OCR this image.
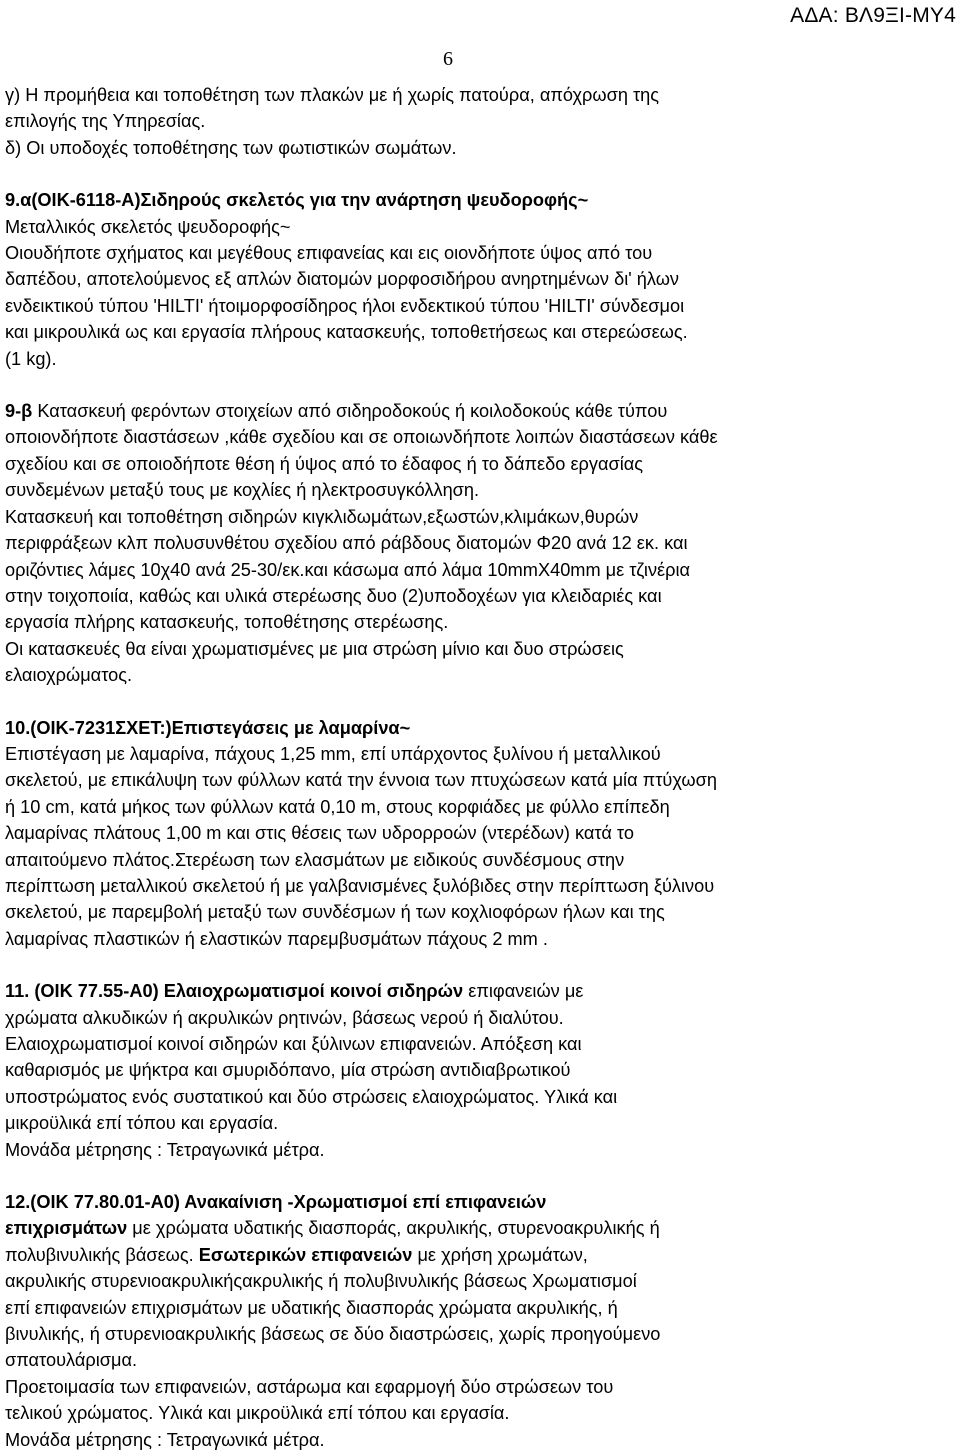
ΑΔΑ: ΒΛ9ΞΙ-ΜΥ4
6

γ) Η προμήθεια και τοποθέτηση των πλακών με ή χωρίς πατούρα, απόχρωση της

επιλογής της Υπηρεσίας.

δ) Οι υποδοχές τοποθέτησης των φωτιστικών σωμάτων.

9.α(ΟΙΚ-6118-Α)Σιδηρούς σκελετός για την ανάρτηση ψευδοροφής~

Μεταλλικός σκελετός ψευδοροφής~

Οιουδήποτε σχήματος και μεγέθους επιφανείας και εις οιονδήποτε ύψος από του

δαπέδου, αποτελούμενος εξ απλών διατομών μορφοσιδήρου ανηρτημένων δι' ήλων

ενδεικτικού τύπου 'HILTI' ήτοιμορφοσίδηρος ήλοι ενδεκτικού τύπου 'HILTI' σύνδεσμοι

και μικρουλικά ως και εργασία πλήρους κατασκευής, τοποθετήσεως και στερεώσεως.

(1 kg).

9-β Κατασκευή φερόντων στοιχείων από σιδηροδοκούς ή κοιλοδοκούς κάθε τύπου

οποιονδήποτε διαστάσεων ,κάθε σχεδίου και σε οποιωνδήποτε λοιπών διαστάσεων κάθε

σχεδίου και σε οποιοδήποτε θέση ή ύψος από το έδαφος ή το δάπεδο εργασίας

συνδεμένων μεταξύ τους με κοχλίες ή ηλεκτροσυγκόλληση.

Κατασκευή και τοποθέτηση σιδηρών κιγκλιδωμάτων,εξωστών,κλιμάκων,θυρών

περιφράξεων κλπ πολυσυνθέτου σχεδίου από ράβδους διατομών Φ20 ανά 12 εκ. και

οριζόντιες λάμες 10χ40 ανά 25-30/εκ.και κάσωμα από λάμα 10mmX40mm με τζινέρια

στην τοιχοποιία, καθώς και υλικά στερέωσης δυο (2)υποδοχέων για κλειδαριές και

εργασία πλήρης κατασκευής, τοποθέτησης στερέωσης.

Οι κατασκευές θα είναι χρωματισμένες με μια στρώση μίνιο και δυο στρώσεις

ελαιοχρώματος.

10.(ΟΙΚ-7231ΣΧΕΤ:)Επιστεγάσεις με λαμαρίνα~

Επιστέγαση με λαμαρίνα, πάχους 1,25 mm, επί υπάρχοντος ξυλίνου ή μεταλλικού

σκελετού, με επικάλυψη των φύλλων κατά την έννοια των πτυχώσεων κατά μία πτύχωση

ή 10 cm, κατά μήκος των φύλλων κατά 0,10 m, στους κορφιάδες με φύλλο επίπεδη

λαμαρίνας πλάτους 1,00 m και στις θέσεις των υδρορροών (ντερέδων) κατά το

απαιτούμενο πλάτος.Στερέωση των ελασμάτων με ειδικούς συνδέσμους στην

περίπτωση μεταλλικού σκελετού ή με γαλβανισμένες ξυλόβιδες στην περίπτωση ξύλινου

σκελετού, με παρεμβολή μεταξύ των συνδέσμων ή των κοχλιοφόρων ήλων και της

λαμαρίνας πλαστικών ή ελαστικών παρεμβυσμάτων πάχους 2 mm .

11. (ΟΙΚ 77.55-Α0) Ελαιοχρωματισμοί κοινοί σιδηρών επιφανειών με

χρώματα αλκυδικών ή ακρυλικών ρητινών, βάσεως νερού ή διαλύτου.

Ελαιοχρωματισμοί κοινοί σιδηρών και ξύλινων επιφανειών. Απόξεση και

καθαρισμός με ψήκτρα και σμυριδόπανο, μία στρώση αντιδιαβρωτικού

υποστρώματος ενός συστατικού και δύο στρώσεις ελαιοχρώματος. Υλικά και

μικροϋλικά επί τόπου και εργασία.

Μονάδα μέτρησης : Τετραγωνικά μέτρα.

12.(ΟΙΚ 77.80.01-Α0) Ανακαίνιση -Χρωματισμοί επί επιφανειών

επιχρισμάτων με χρώματα υδατικής διασποράς, ακρυλικής, στυρενοακρυλικής ή

πολυβινυλικής βάσεως. Εσωτερικών επιφανειών με χρήση χρωμάτων,

ακρυλικής στυρενιοακρυλικήςακρυλικής ή πολυβινυλικής βάσεως Χρωματισμοί

επί επιφανειών επιχρισμάτων με υδατικής διασποράς χρώματα ακρυλικής, ή

βινυλικής, ή στυρενιοακρυλικής βάσεως σε δύο διαστρώσεις, χωρίς προηγούμενο

σπατουλάρισμα.

Προετοιμασία των επιφανειών, αστάρωμα και εφαρμογή δύο στρώσεων του

τελικού χρώματος. Υλικά και μικροϋλικά επί τόπου και εργασία.

Μονάδα μέτρησης : Τετραγωνικά μέτρα.
